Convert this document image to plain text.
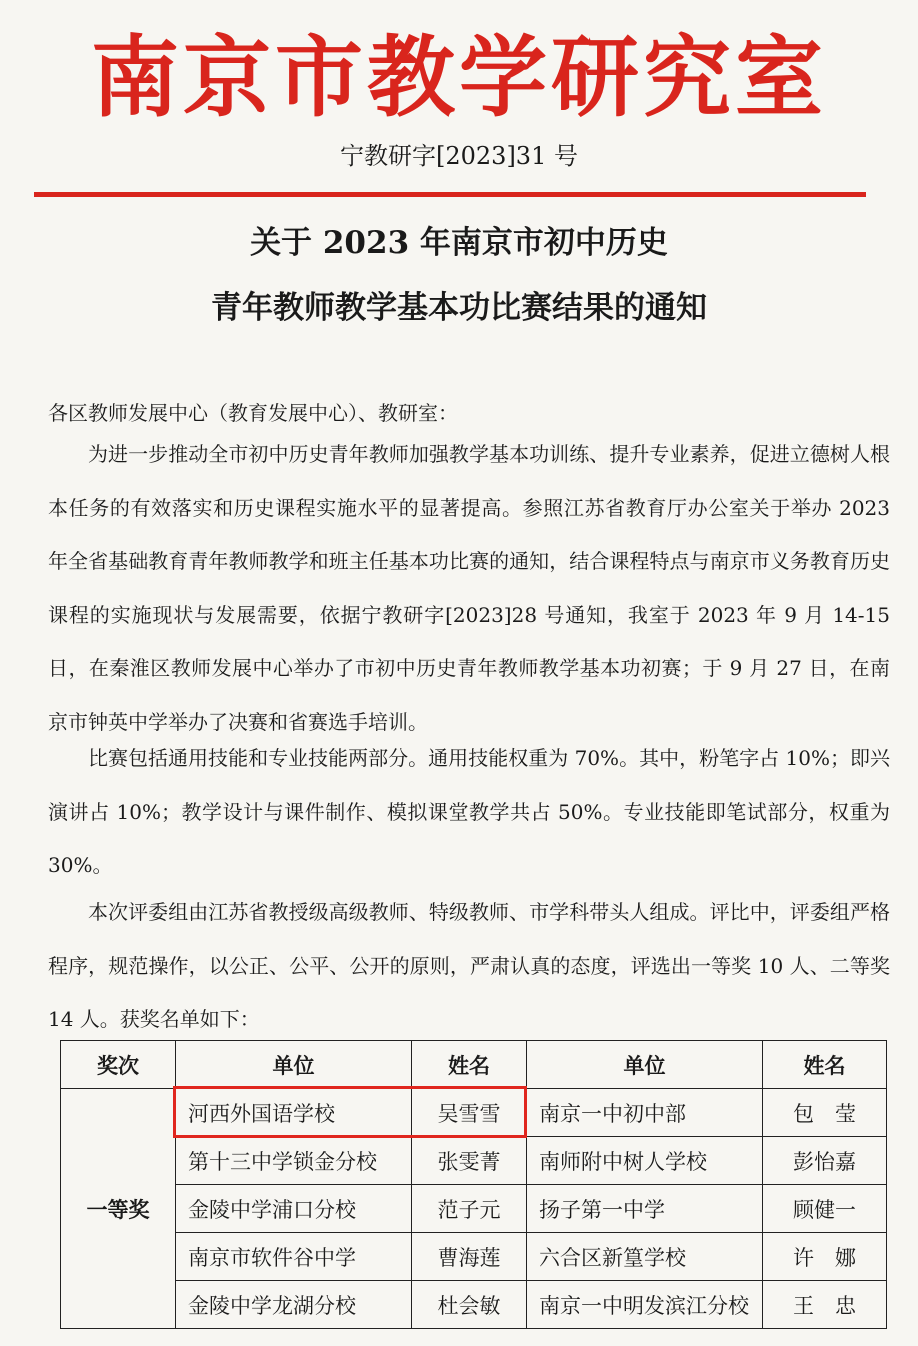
南京市教学研究室
宁教研字[2023]31 号
关于 2023 年南京市初中历史
青年教师教学基本功比赛结果的通知
各区教师发展中心（教育发展中心）、教研室：

为进一步推动全市初中历史青年教师加强教学基本功训练、提升专业素养，促进立德树人根本任务的有效落实和历史课程实施水平的显著提高。参照江苏省教育厅办公室关于举办 2023 年全省基础教育青年教师教学和班主任基本功比赛的通知，结合课程特点与南京市义务教育历史课程的实施现状与发展需要，依据宁教研字[2023]28 号通知，我室于 2023 年 9 月 14-15 日，在秦淮区教师发展中心举办了市初中历史青年教师教学基本功初赛；于 9 月 27 日，在南京市钟英中学举办了决赛和省赛选手培训。

比赛包括通用技能和专业技能两部分。通用技能权重为 70%。其中，粉笔字占 10%；即兴演讲占 10%；教学设计与课件制作、模拟课堂教学共占 50%。专业技能即笔试部分，权重为 30%。

本次评委组由江苏省教授级高级教师、特级教师、市学科带头人组成。评比中，评委组严格程序，规范操作，以公正、公平、公开的原则，严肃认真的态度，评选出一等奖 10 人、二等奖 14 人。获奖名单如下：

奖次	单位	姓名	单位	姓名
一等奖	河西外国语学校	吴雪雪	南京一中初中部	包　莹
	第十三中学锁金分校	张雯菁	南师附中树人学校	彭怡嘉
	金陵中学浦口分校	范子元	扬子第一中学	顾健一
	南京市软件谷中学	曹海莲	六合区新篁学校	许　娜
	金陵中学龙湖分校	杜会敏	南京一中明发滨江分校	王　忠
